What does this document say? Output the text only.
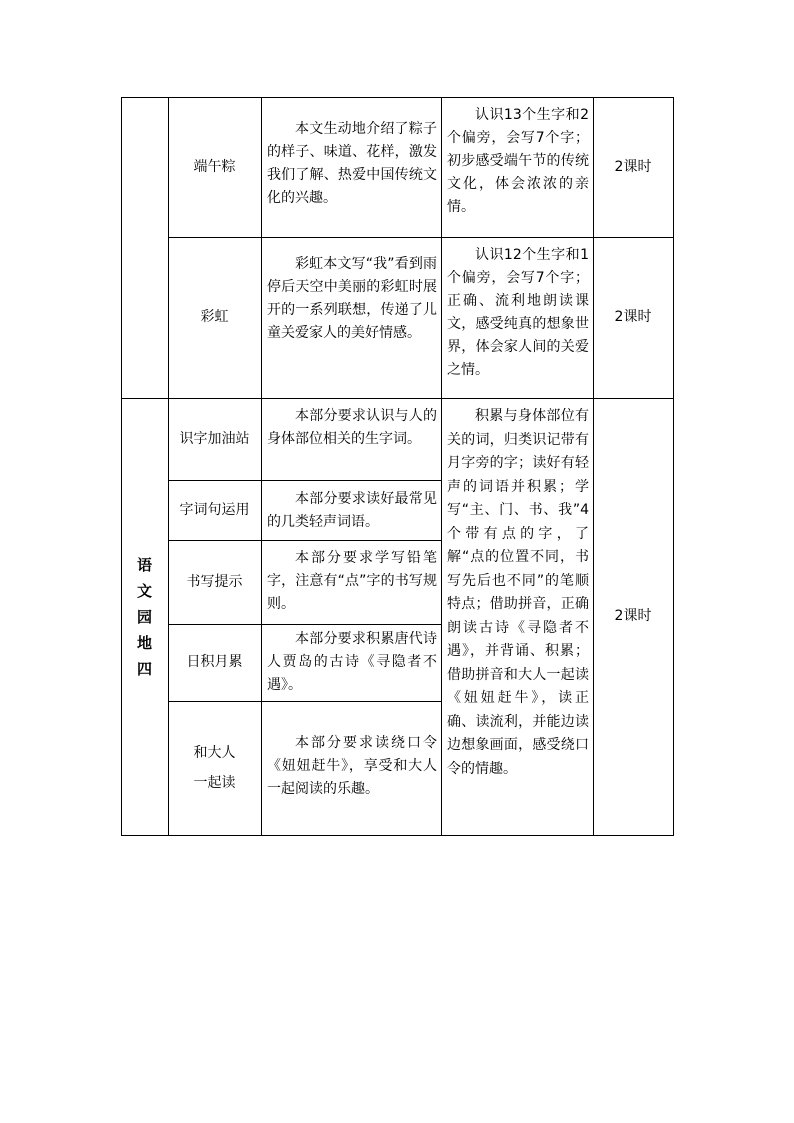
端午粽

本文生动地介绍了粽子的样子、味道、花样，激发我们了解、热爱中国传统文化的兴趣。

认识13个生字和2个偏旁，会写7个字；初步感受端午节的传统文化，体会浓浓的亲情。

2课时
彩虹

彩虹本文写“我”看到雨停后天空中美丽的彩虹时展开的一系列联想，传递了儿童关爱家人的美好情感。

认识12个生字和1个偏旁，会写7个字；正确、流利地朗读课文，感受纯真的想象世界，体会家人间的关爱之情。

2课时
语
文
园
地
四
识字加油站

本部分要求认识与人的身体部位相关的生字词。

字词句运用

本部分要求读好最常见的几类轻声词语。

书写提示

本部分要求学写铅笔字，注意有“点”字的书写规则。

日积月累

本部分要求积累唐代诗人贾岛的古诗《寻隐者不遇》。

和大人
一起读

本部分要求读绕口令《妞妞赶牛》，享受和大人一起阅读的乐趣。

积累与身体部位有关的词，归类识记带有月字旁的字；读好有轻声的词语并积累；学写“主、门、书、我”4个带有点的字，了解“点的位置不同，书写先后也不同”的笔顺特点；借助拼音，正确朗读古诗《寻隐者不遇》，并背诵、积累；借助拼音和大人一起读《妞妞赶牛》，读正确、读流利，并能边读边想象画面，感受绕口令的情趣。

2课时
